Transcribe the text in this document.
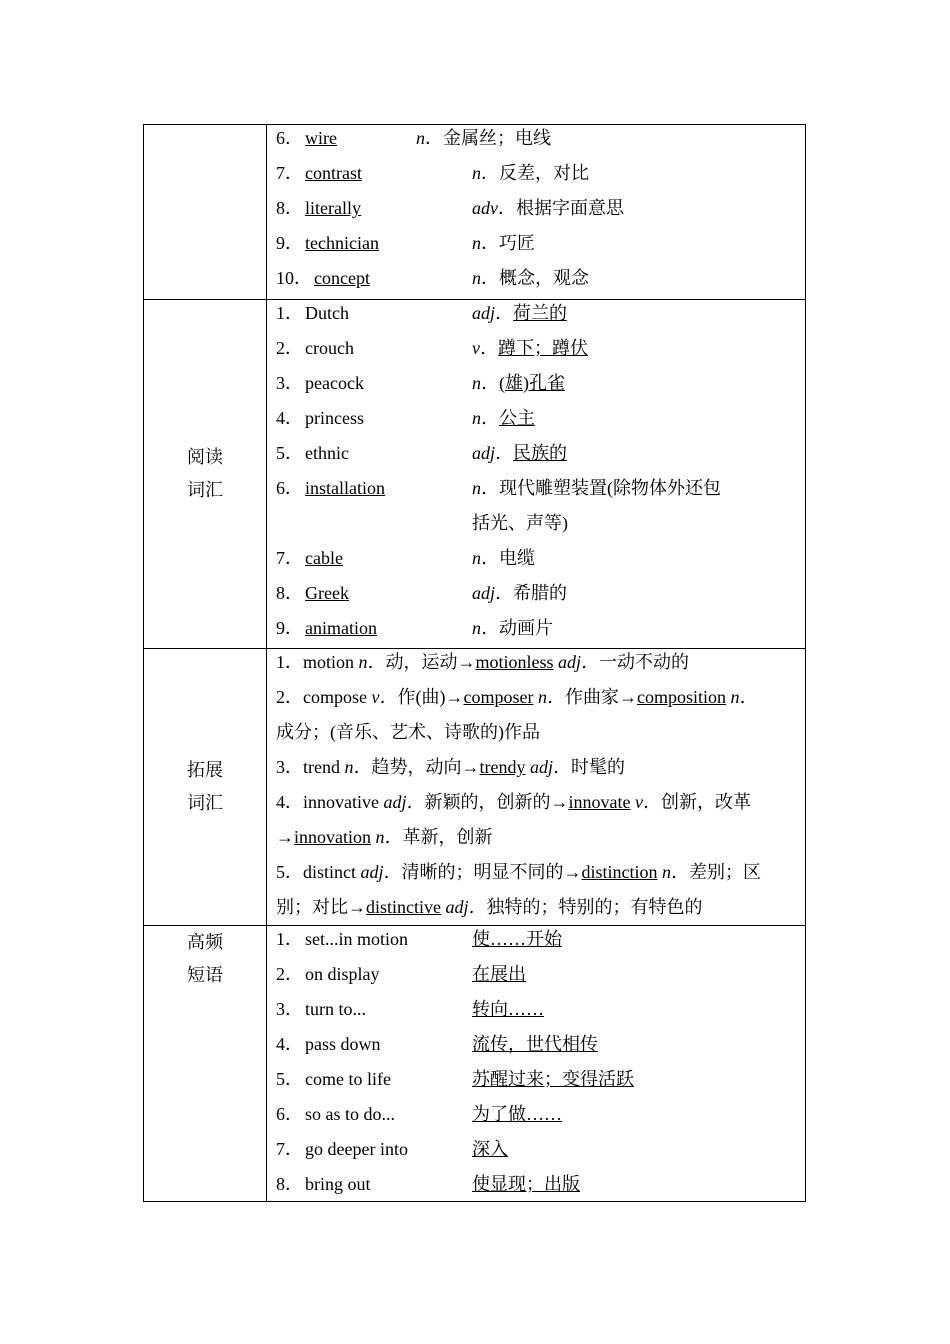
6． wire	n．金属丝；电线
7． contrast	n．反差，对比
8． literally	adv．根据字面意思
9． technician	n．巧匠
10． concept	n．概念，观念
阅读
词汇
1． Dutch	adj．荷兰的
2． crouch	v．蹲下；蹲伏
3． peacock	n．(雄)孔雀
4． princess	n．公主
5． ethnic	adj．民族的
6． installation	n．现代雕塑装置(除物体外还包
括光、声等)
7． cable	n．电缆
8． Greek	adj．希腊的
9． animation	n．动画片
拓展
词汇

1．motion n．动，运动→motionless adj．一动不动的

2．compose v．作(曲)→composer n．作曲家→composition n．

成分；(音乐、艺术、诗歌的)作品

3．trend n．趋势，动向→trendy adj．时髦的

4．innovative adj．新颖的，创新的→innovate v．创新，改革

→innovation n．革新，创新

5．distinct adj．清晰的；明显不同的→distinction n．差别；区

别；对比→distinctive adj．独特的；特别的；有特色的

高频
短语
1． set...in motion	使……开始
2． on display	在展出
3． turn to...	转向……
4． pass down	流传，世代相传
5． come to life	苏醒过来；变得活跃
6． so as to do...	为了做……
7． go deeper into	深入
8． bring out	使显现；出版
